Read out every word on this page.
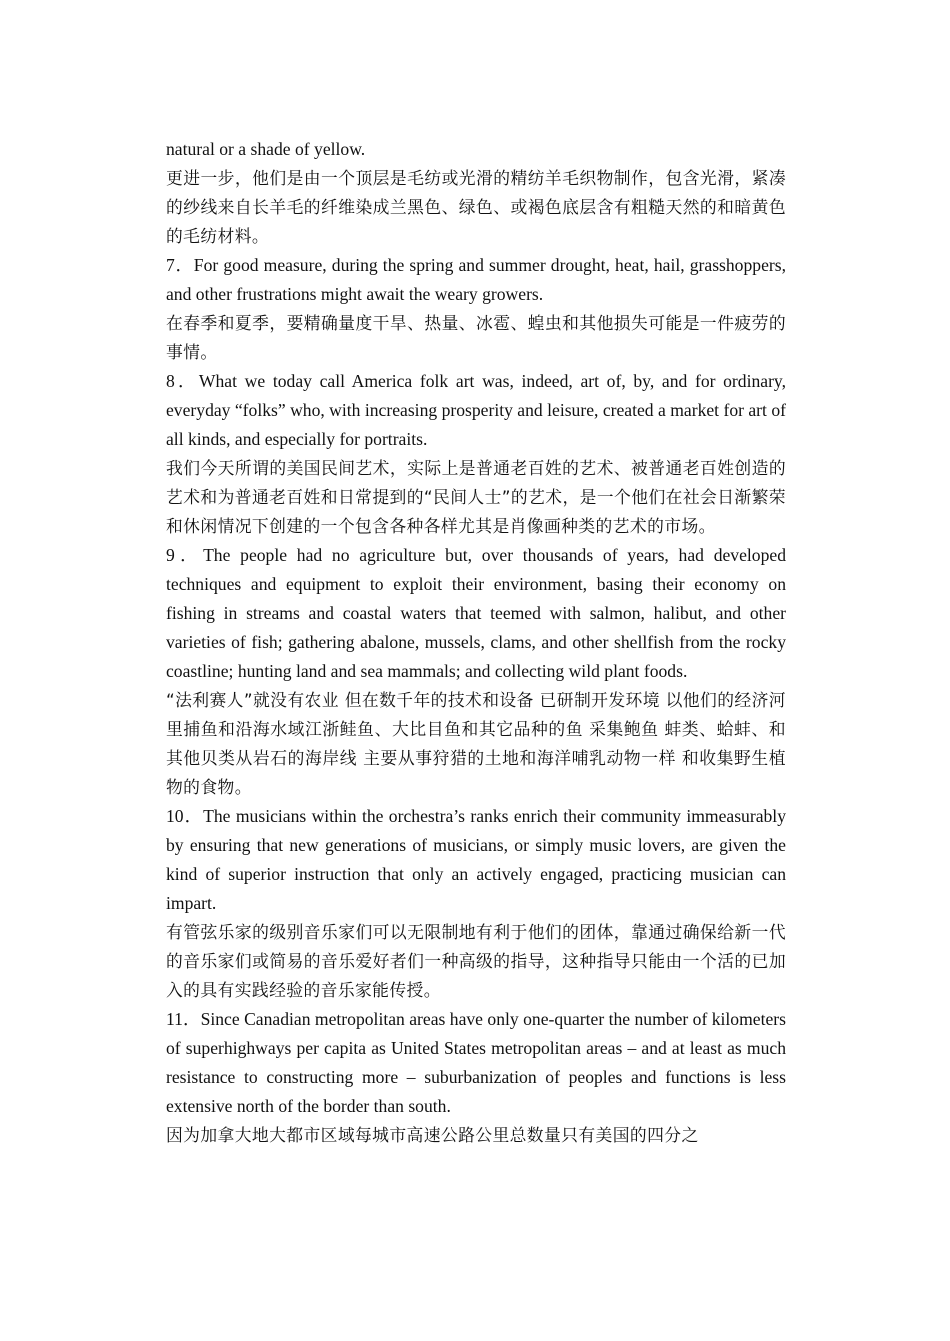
natural or a shade of yellow.

更进一步，他们是由一个顶层是毛纺或光滑的精纺羊毛织物制作，包含光滑，紧凑的纱线来自长羊毛的纤维染成兰黑色、绿色、或褐色底层含有粗糙天然的和暗黄色的毛纺材料。

7．For good measure, during the spring and summer drought, heat, hail, grasshoppers, and other frustrations might await the weary growers.

在春季和夏季，要精确量度干旱、热量、冰雹、蝗虫和其他损失可能是一件疲劳的事情。

8．What we today call America folk art was, indeed, art of, by, and for ordinary, everyday “folks” who, with increasing prosperity and leisure, created a market for art of all kinds, and especially for portraits.

我们今天所谓的美国民间艺术，实际上是普通老百姓的艺术、被普通老百姓创造的艺术和为普通老百姓和日常提到的“民间人士”的艺术，是一个他们在社会日渐繁荣和休闲情况下创建的一个包含各种各样尤其是肖像画种类的艺术的市场。

9．The people had no agriculture but, over thousands of years, had developed techniques and equipment to exploit their environment, basing their economy on fishing in streams and coastal waters that teemed with salmon, halibut, and other varieties of fish; gathering abalone, mussels, clams, and other shellfish from the rocky coastline; hunting land and sea mammals; and collecting wild plant foods.

“法利赛人”就没有农业 但在数千年的技术和设备 已研制开发环境 以他们的经济河里捕鱼和沿海水域江浙鲑鱼、大比目鱼和其它品种的鱼 采集鲍鱼 蚌类、蛤蚌、和其他贝类从岩石的海岸线 主要从事狩猎的土地和海洋哺乳动物一样 和收集野生植物的食物。

10．The musicians within the orchestra’s ranks enrich their community immeasurably by ensuring that new generations of musicians, or simply music lovers, are given the kind of superior instruction that only an actively engaged, practicing musician can impart.

有管弦乐家的级别音乐家们可以无限制地有利于他们的团体，靠通过确保给新一代的音乐家们或简易的音乐爱好者们一种高级的指导，这种指导只能由一个活的已加入的具有实践经验的音乐家能传授。

11．Since Canadian metropolitan areas have only one-quarter the number of kilometers of superhighways per capita as United States metropolitan areas – and at least as much resistance to constructing more – suburbanization of peoples and functions is less extensive north of the border than south.

因为加拿大地大都市区域每城市高速公路公里总数量只有美国的四分之
